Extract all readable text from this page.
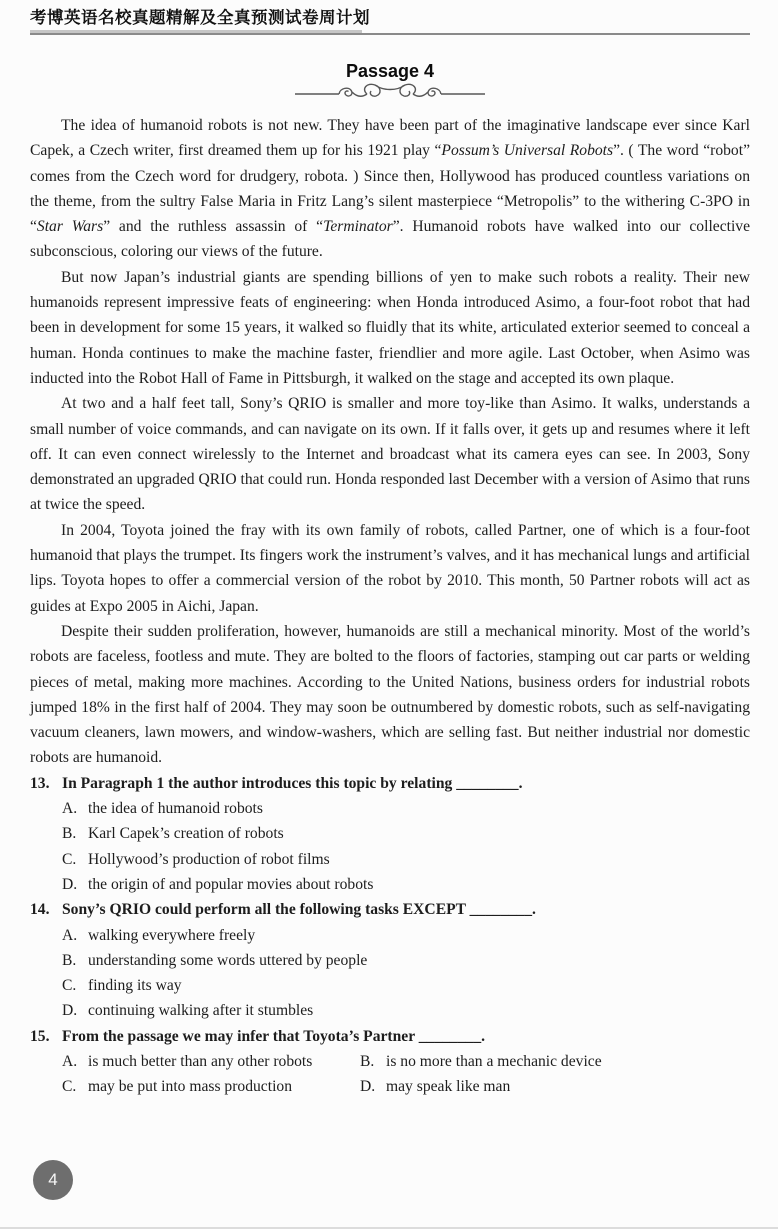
考博英语名校真题精解及全真预测试卷周计划
Passage 4

The idea of humanoid robots is not new. They have been part of the imaginative landscape ever since Karl Capek, a Czech writer, first dreamed them up for his 1921 play “Possum’s Universal Robots”. ( The word “robot” comes from the Czech word for drudgery, robota. ) Since then, Hollywood has produced countless variations on the theme, from the sultry False Maria in Fritz Lang’s silent masterpiece “Metropolis” to the withering C-3PO in “Star Wars” and the ruthless assassin of “Terminator”. Humanoid robots have walked into our collective subconscious, coloring our views of the future.

But now Japan’s industrial giants are spending billions of yen to make such robots a reality. Their new humanoids represent impressive feats of engineering: when Honda introduced Asimo, a four-foot robot that had been in development for some 15 years, it walked so fluidly that its white, articulated exterior seemed to conceal a human. Honda continues to make the machine faster, friendlier and more agile. Last October, when Asimo was inducted into the Robot Hall of Fame in Pittsburgh, it walked on the stage and accepted its own plaque.

At two and a half feet tall, Sony’s QRIO is smaller and more toy-like than Asimo. It walks, understands a small number of voice commands, and can navigate on its own. If it falls over, it gets up and resumes where it left off. It can even connect wirelessly to the Internet and broadcast what its camera eyes can see. In 2003, Sony demonstrated an upgraded QRIO that could run. Honda responded last December with a version of Asimo that runs at twice the speed.

In 2004, Toyota joined the fray with its own family of robots, called Partner, one of which is a four-foot humanoid that plays the trumpet. Its fingers work the instrument’s valves, and it has mechanical lungs and artificial lips. Toyota hopes to offer a commercial version of the robot by 2010. This month, 50 Partner robots will act as guides at Expo 2005 in Aichi, Japan.

Despite their sudden proliferation, however, humanoids are still a mechanical minority. Most of the world’s robots are faceless, footless and mute. They are bolted to the floors of factories, stamping out car parts or welding pieces of metal, making more machines. According to the United Nations, business orders for industrial robots jumped 18% in the first half of 2004. They may soon be outnumbered by domestic robots, such as self-navigating vacuum cleaners, lawn mowers, and window-washers, which are selling fast. But neither industrial nor domestic robots are humanoid.

13. In Paragraph 1 the author introduces this topic by relating ________.
A. the idea of humanoid robots
B. Karl Capek’s creation of robots
C. Hollywood’s production of robot films
D. the origin of and popular movies about robots
14. Sony’s QRIO could perform all the following tasks EXCEPT ________.
A. walking everywhere freely
B. understanding some words uttered by people
C. finding its way
D. continuing walking after it stumbles
15. From the passage we may infer that Toyota’s Partner ________.
A. is much better than any other robots	B. is no more than a mechanic device
C. may be put into mass production	D. may speak like man
4
